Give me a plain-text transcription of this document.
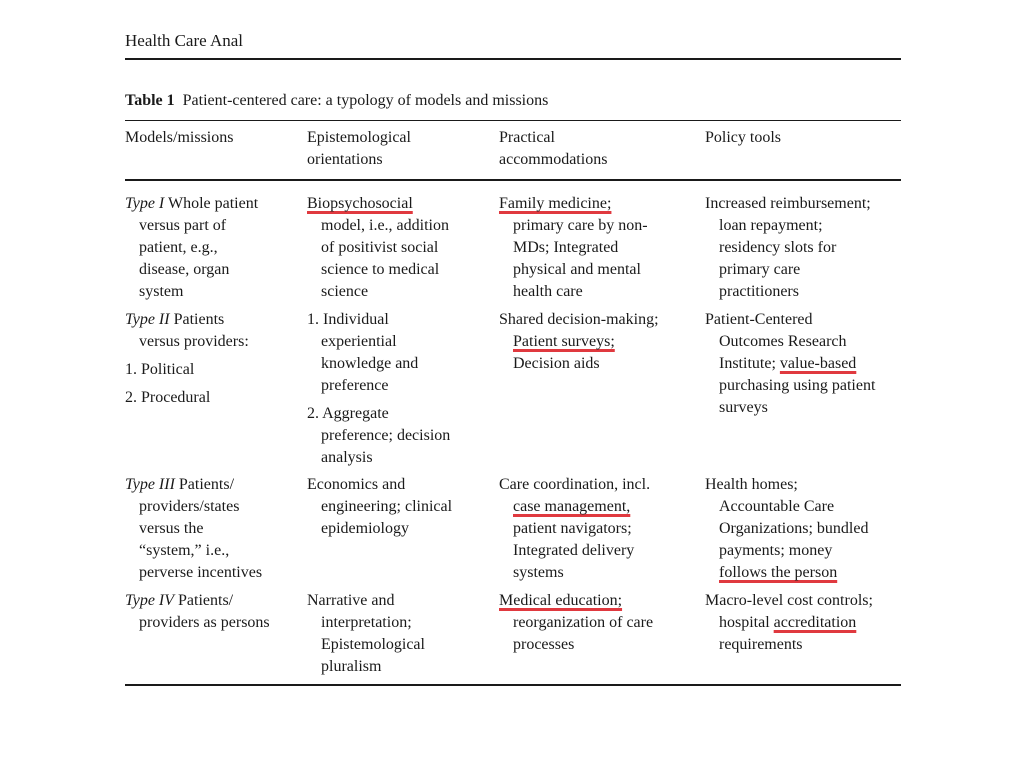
Health Care Anal
Table 1 Patient-centered care: a typology of models and missions
Models/missions	Epistemological
orientations
Practical
accommodations
Policy tools
Type I Whole patient
versus part of
patient, e.g.,
disease, organ
system
Biopsychosocial
model, i.e., addition
of positivist social
science to medical
science
Family medicine;
primary care by non-
MDs; Integrated
physical and mental
health care
Increased reimbursement;
loan repayment;
residency slots for
primary care
practitioners
Type II Patients
versus providers:
1. Political
2. Procedural
1. Individual
experiential
knowledge and
preference
2. Aggregate
preference; decision
analysis
Shared decision-making;
Patient surveys;
Decision aids
Patient-Centered
Outcomes Research
Institute; value-based
purchasing using patient
surveys
Type III Patients/
providers/states
versus the
“system,” i.e.,
perverse incentives
Economics and
engineering; clinical
epidemiology
Care coordination, incl.
case management,
patient navigators;
Integrated delivery
systems
Health homes;
Accountable Care
Organizations; bundled
payments; money
follows the person
Type IV Patients/
providers as persons
Narrative and
interpretation;
Epistemological
pluralism
Medical education;
reorganization of care
processes
Macro-level cost controls;
hospital accreditation
requirements
